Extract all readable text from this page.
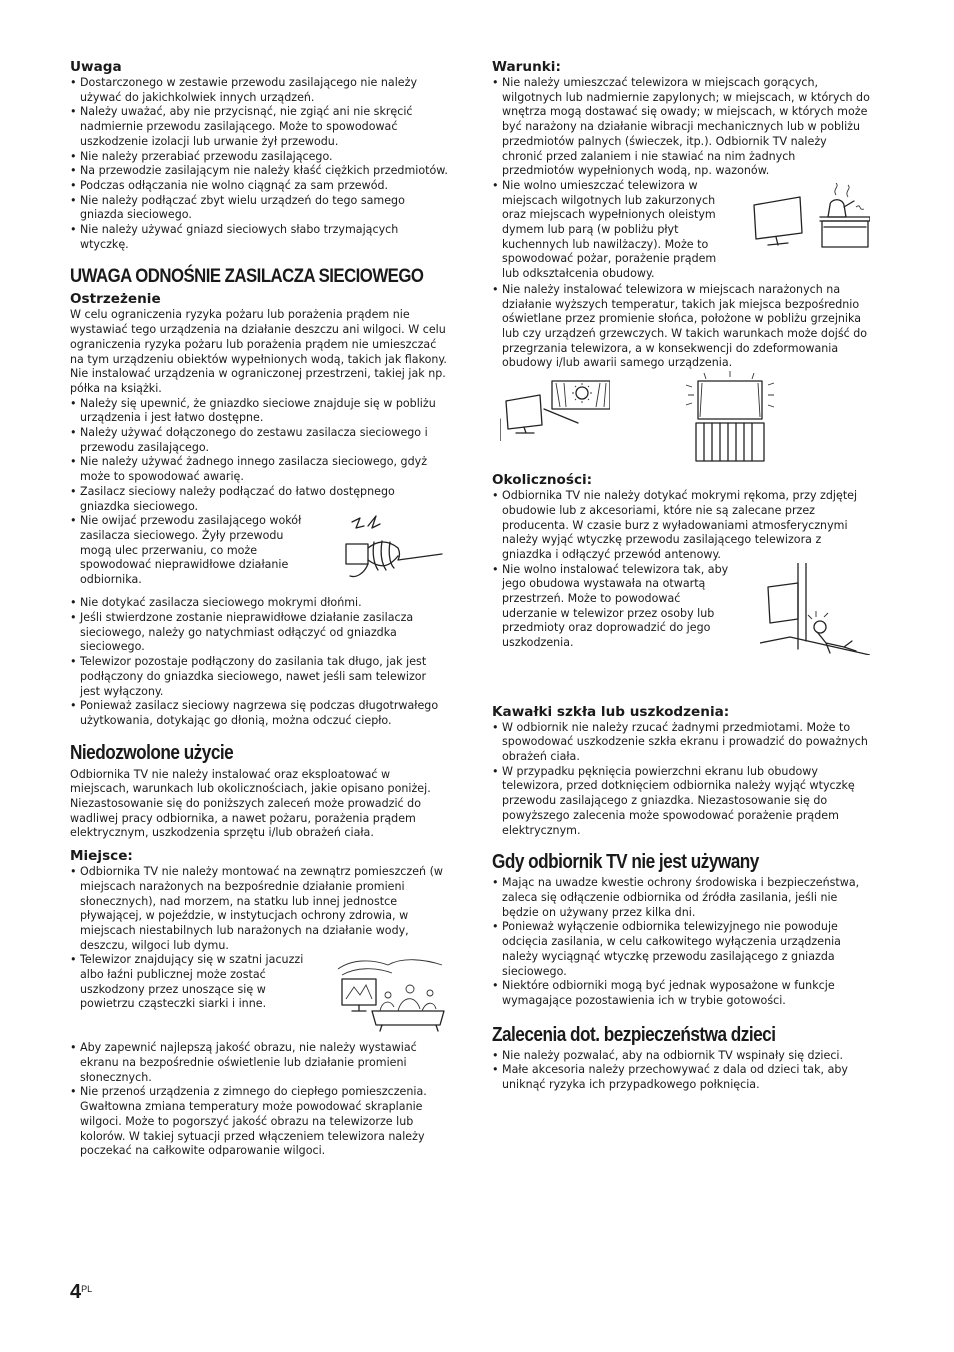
Uwaga
• Dostarczonego w zestawie przewodu zasilającego nie należy używać do jakichkolwiek innych urządzeń.
• Należy uważać, aby nie przycisnąć, nie zgiąć ani nie skręcić nadmiernie przewodu zasilającego. Może to spowodować uszkodzenie izolacji lub urwanie żył przewodu.
• Nie należy przerabiać przewodu zasilającego.
• Na przewodzie zasilającym nie należy kłaść ciężkich przedmiotów.
• Podczas odłączania nie wolno ciągnąć za sam przewód.
• Nie należy podłączać zbyt wielu urządzeń do tego samego gniazda sieciowego.
• Nie należy używać gniazd sieciowych słabo trzymających wtyczkę.
UWAGA ODNOŚNIE ZASILACZA SIECIOWEGO
Ostrzeżenie

W celu ograniczenia ryzyka pożaru lub porażenia prądem nie wystawiać tego urządzenia na działanie deszczu ani wilgoci. W celu ograniczenia ryzyka pożaru lub porażenia prądem nie umieszczać na tym urządzeniu obiektów wypełnionych wodą, takich jak flakony. Nie instalować urządzenia w ograniczonej przestrzeni, takiej jak np. półka na książki.

• Należy się upewnić, że gniazdko sieciowe znajduje się w pobliżu urządzenia i jest łatwo dostępne.
• Należy używać dołączonego do zestawu zasilacza sieciowego i przewodu zasilającego.
• Nie należy używać żadnego innego zasilacza sieciowego, gdyż może to spowodować awarię.
• Zasilacz sieciowy należy podłączać do łatwo dostępnego gniazdka sieciowego.
• Nie owijać przewodu zasilającego wokół zasilacza sieciowego. Żyły przewodu mogą ulec przerwaniu, co może spowodować nieprawidłowe działanie odbiornika.
• Nie dotykać zasilacza sieciowego mokrymi dłońmi.
• Jeśli stwierdzone zostanie nieprawidłowe działanie zasilacza sieciowego, należy go natychmiast odłączyć od gniazdka sieciowego.
• Telewizor pozostaje podłączony do zasilania tak długo, jak jest podłączony do gniazdka sieciowego, nawet jeśli sam telewizor jest wyłączony.
• Ponieważ zasilacz sieciowy nagrzewa się podczas długotrwałego użytkowania, dotykając go dłonią, można odczuć ciepło.
Niedozwolone użycie

Odbiornika TV nie należy instalować oraz eksploatować w miejscach, warunkach lub okolicznościach, jakie opisano poniżej. Niezastosowanie się do poniższych zaleceń może prowadzić do wadliwej pracy odbiornika, a nawet pożaru, porażenia prądem elektrycznym, uszkodzenia sprzętu i/lub obrażeń ciała.

Miejsce:
• Odbiornika TV nie należy montować na zewnątrz pomieszczeń (w miejscach narażonych na bezpośrednie działanie promieni słonecznych), nad morzem, na statku lub innej jednostce pływającej, w pojeździe, w instytucjach ochrony zdrowia, w miejscach niestabilnych lub narażonych na działanie wody, deszczu, wilgoci lub dymu.
• Telewizor znajdujący się w szatni jacuzzi albo łaźni publicznej może zostać uszkodzony przez unoszące się w powietrzu cząsteczki siarki i inne.
• Aby zapewnić najlepszą jakość obrazu, nie należy wystawiać ekranu na bezpośrednie oświetlenie lub działanie promieni słonecznych.
• Nie przenoś urządzenia z zimnego do ciepłego pomieszczenia. Gwałtowna zmiana temperatury może powodować skraplanie wilgoci. Może to pogorszyć jakość obrazu na telewizorze lub kolorów. W takiej sytuacji przed włączeniem telewizora należy poczekać na całkowite odparowanie wilgoci.
Warunki:
• Nie należy umieszczać telewizora w miejscach gorących, wilgotnych lub nadmiernie zapylonych; w miejscach, w których do wnętrza mogą dostawać się owady; w miejscach, w których może być narażony na działanie wibracji mechanicznych lub w pobliżu przedmiotów palnych (świeczek, itp.). Odbiornik TV należy chronić przed zalaniem i nie stawiać na nim żadnych przedmiotów wypełnionych wodą, np. wazonów.
• Nie wolno umieszczać telewizora w miejscach wilgotnych lub zakurzonych oraz miejscach wypełnionych oleistym dymem lub parą (w pobliżu płyt kuchennych lub nawilżaczy). Może to spowodować pożar, porażenie prądem lub odkształcenia obudowy.
• Nie należy instalować telewizora w miejscach narażonych na działanie wyższych temperatur, takich jak miejsca bezpośrednio oświetlane przez promienie słońca, położone w pobliżu grzejnika lub czy urządzeń grzewczych. W takich warunkach może dojść do przegrzania telewizora, a w konsekwencji do zdeformowania obudowy i/lub awarii samego urządzenia.
Okoliczności:
• Odbiornika TV nie należy dotykać mokrymi rękoma, przy zdjętej obudowie lub z akcesoriami, które nie są zalecane przez producenta. W czasie burz z wyładowaniami atmosferycznymi należy wyjąć wtyczkę przewodu zasilającego telewizora z gniazdka i odłączyć przewód antenowy.
• Nie wolno instalować telewizora tak, aby jego obudowa wystawała na otwartą przestrzeń. Może to powodować uderzanie w telewizor przez osoby lub przedmioty oraz doprowadzić do jego uszkodzenia.
Kawałki szkła lub uszkodzenia:
• W odbiornik nie należy rzucać żadnymi przedmiotami. Może to spowodować uszkodzenie szkła ekranu i prowadzić do poważnych obrażeń ciała.
• W przypadku pęknięcia powierzchni ekranu lub obudowy telewizora, przed dotknięciem odbiornika należy wyjąć wtyczkę przewodu zasilającego z gniazdka. Niezastosowanie się do powyższego zalecenia może spowodować porażenie prądem elektrycznym.
Gdy odbiornik TV nie jest używany
• Mając na uwadze kwestie ochrony środowiska i bezpieczeństwa, zaleca się odłączenie odbiornika od źródła zasilania, jeśli nie będzie on używany przez kilka dni.
• Ponieważ wyłączenie odbiornika telewizyjnego nie powoduje odcięcia zasilania, w celu całkowitego wyłączenia urządzenia należy wyciągnąć wtyczkę przewodu zasilającego z gniazda sieciowego.
• Niektóre odbiorniki mogą być jednak wyposażone w funkcje wymagające pozostawienia ich w trybie gotowości.
Zalecenia dot. bezpieczeństwa dzieci
• Nie należy pozwalać, aby na odbiornik TV wspinały się dzieci.
• Małe akcesoria należy przechowywać z dala od dzieci tak, aby uniknąć ryzyka ich przypadkowego połknięcia.
$4^{PL}$
